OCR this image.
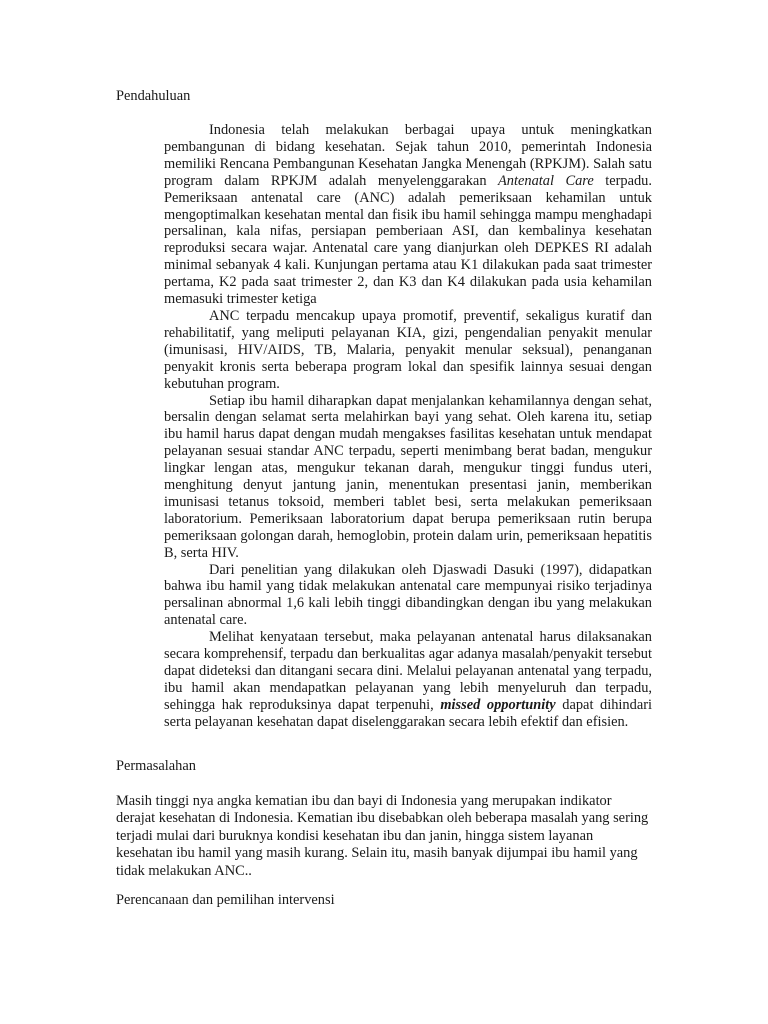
Pendahuluan

Indonesia telah melakukan berbagai upaya untuk meningkatkan pembangunan di bidang kesehatan. Sejak tahun 2010, pemerintah Indonesia memiliki Rencana Pembangunan Kesehatan Jangka Menengah (RPKJM). Salah satu program dalam RPKJM adalah menyelenggarakan Antenatal Care terpadu. Pemeriksaan antenatal care (ANC) adalah pemeriksaan kehamilan untuk mengoptimalkan kesehatan mental dan fisik ibu hamil sehingga mampu menghadapi persalinan, kala nifas, persiapan pemberiaan ASI, dan kembalinya kesehatan reproduksi secara wajar. Antenatal care yang dianjurkan oleh DEPKES RI adalah minimal sebanyak 4 kali. Kunjungan pertama atau K1 dilakukan pada saat trimester pertama, K2 pada saat trimester 2, dan K3 dan K4 dilakukan pada usia kehamilan memasuki trimester ketiga

ANC terpadu mencakup upaya promotif, preventif, sekaligus kuratif dan rehabilitatif, yang meliputi pelayanan KIA, gizi, pengendalian penyakit menular (imunisasi, HIV/AIDS, TB, Malaria, penyakit menular seksual), penanganan penyakit kronis serta beberapa program lokal dan spesifik lainnya sesuai dengan kebutuhan program.

Setiap ibu hamil diharapkan dapat menjalankan kehamilannya dengan sehat, bersalin dengan selamat serta melahirkan bayi yang sehat. Oleh karena itu, setiap ibu hamil harus dapat dengan mudah mengakses fasilitas kesehatan untuk mendapat pelayanan sesuai standar ANC terpadu, seperti menimbang berat badan, mengukur lingkar lengan atas, mengukur tekanan darah, mengukur tinggi fundus uteri, menghitung denyut jantung janin, menentukan presentasi janin, memberikan imunisasi tetanus toksoid, memberi tablet besi, serta melakukan pemeriksaan laboratorium. Pemeriksaan laboratorium dapat berupa pemeriksaan rutin berupa pemeriksaan golongan darah, hemoglobin, protein dalam urin, pemeriksaan hepatitis B, serta HIV.

Dari penelitian yang dilakukan oleh Djaswadi Dasuki (1997), didapatkan bahwa ibu hamil yang tidak melakukan antenatal care mempunyai risiko terjadinya persalinan abnormal 1,6 kali lebih tinggi dibandingkan dengan ibu yang melakukan antenatal care.

Melihat kenyataan tersebut, maka pelayanan antenatal harus dilaksanakan secara komprehensif, terpadu dan berkualitas agar adanya masalah/penyakit tersebut dapat dideteksi dan ditangani secara dini. Melalui pelayanan antenatal yang terpadu, ibu hamil akan mendapatkan pelayanan yang lebih menyeluruh dan terpadu, sehingga hak reproduksinya dapat terpenuhi, missed opportunity dapat dihindari serta pelayanan kesehatan dapat diselenggarakan secara lebih efektif dan efisien.

Permasalahan

Masih tinggi nya angka kematian ibu dan bayi di Indonesia yang merupakan indikator derajat kesehatan di Indonesia. Kematian ibu disebabkan oleh beberapa masalah yang sering terjadi mulai dari buruknya kondisi kesehatan ibu dan janin, hingga sistem layanan kesehatan ibu hamil yang masih kurang. Selain itu, masih banyak dijumpai ibu hamil yang tidak melakukan ANC..

Perencanaan dan pemilihan intervensi
